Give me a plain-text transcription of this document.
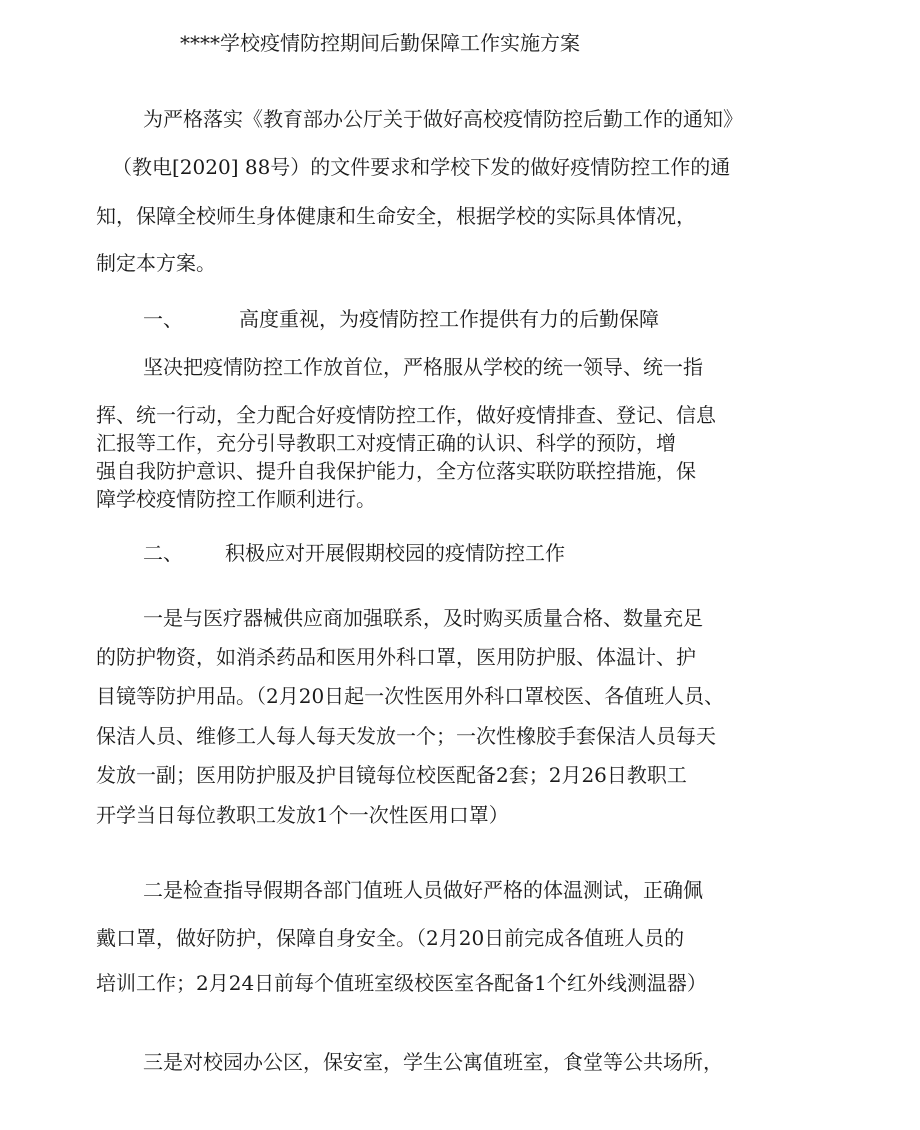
****学校疫情防控期间后勤保障工作实施方案
为严格落实《教育部办公厅关于做好高校疫情防控后勤工作的通知》
（教电[2020] 88号）的文件要求和学校下发的做好疫情防控工作的通
知，保障全校师生身体健康和生命安全，根据学校的实际具体情况，
制定本方案。
一、	高度重视，为疫情防控工作提供有力的后勤保障
坚决把疫情防控工作放首位，严格服从学校的统一领导、统一指
挥、统一行动，全力配合好疫情防控工作，做好疫情排查、登记、信息
汇报等工作，充分引导教职工对疫情正确的认识、科学的预防，增
强自我防护意识、提升自我保护能力，全方位落实联防联控措施，保
障学校疫情防控工作顺利进行。
二、 积极应对开展假期校园的疫情防控工作
一是与医疗器械供应商加强联系，及时购买质量合格、数量充足
的防护物资，如消杀药品和医用外科口罩，医用防护服、体温计、护
目镜等防护用品。（2月20日起一次性医用外科口罩校医、各值班人员、
保洁人员、维修工人每人每天发放一个；一次性橡胶手套保洁人员每天
发放一副；医用防护服及护目镜每位校医配备2套；2月26日教职工
开学当日每位教职工发放1个一次性医用口罩）
二是检查指导假期各部门值班人员做好严格的体温测试，正确佩
戴口罩，做好防护，保障自身安全。（2月20日前完成各值班人员的
培训工作；2月24日前每个值班室级校医室各配备1个红外线测温器）
三是对校园办公区，保安室，学生公寓值班室，食堂等公共场所，
